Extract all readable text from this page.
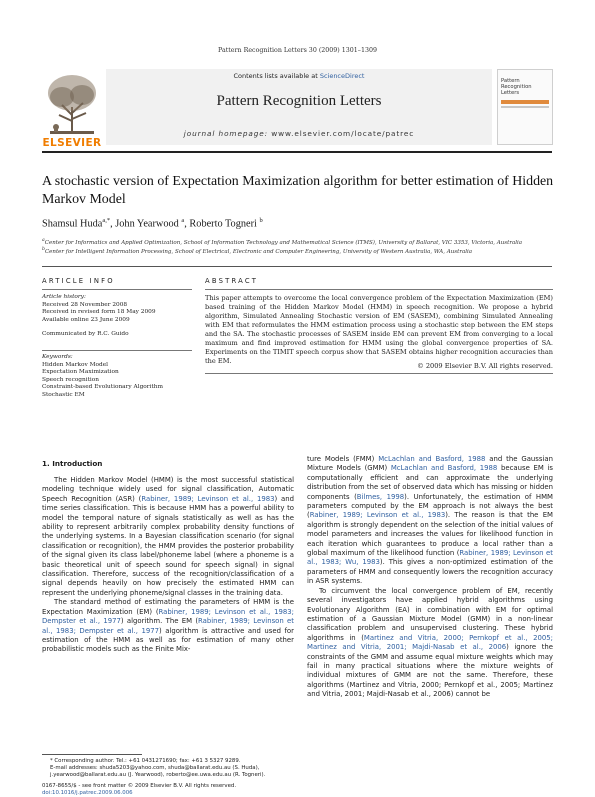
Pattern Recognition Letters 30 (2009) 1301–1309
ELSEVIER
Contents lists available at ScienceDirect
Pattern Recognition Letters
journal homepage: www.elsevier.com/locate/patrec
Pattern Recognition Letters
A stochastic version of Expectation Maximization algorithm for better estimation of Hidden Markov Model
Shamsul Huda$^{a,*}$, John Yearwood $^a$, Roberto Togneri $^b$
$^a$Center for Informatics and Applied Optimization, School of Information Technology and Mathematical Science (ITMS), University of Ballarat, VIC 3353, Victoria, Australia
$^b$Center for Intelligent Information Processing, School of Electrical, Electronic and Computer Engineering, University of Western Australia, WA, Australia
ARTICLE INFO
Article history:
Received 28 November 2008
Received in revised form 18 May 2009
Available online 23 June 2009
Communicated by R.C. Guido
Keywords:
Hidden Markov Model
Expectation Maximization
Speech recognition
Constraint-based Evolutionary Algorithm
Stochastic EM
ABSTRACT
This paper attempts to overcome the local convergence problem of the Expectation Maximization (EM) based training of the Hidden Markov Model (HMM) in speech recognition. We propose a hybrid algorithm, Simulated Annealing Stochastic version of EM (SASEM), combining Simulated Annealing with EM that reformulates the HMM estimation process using a stochastic step between the EM steps and the SA. The stochastic processes of SASEM inside EM can prevent EM from converging to a local maximum and find improved estimation for HMM using the global convergence properties of SA. Experiments on the TIMIT speech corpus show that SASEM obtains higher recognition accuracies than the EM.
© 2009 Elsevier B.V. All rights reserved.
1. Introduction

The Hidden Markov Model (HMM) is the most successful statistical modeling technique widely used for signal classification, Automatic Speech Recognition (ASR) (Rabiner, 1989; Levinson et al., 1983) and time series classification. This is because HMM has a powerful ability to model the temporal nature of signals statistically as well as has the ability to represent arbitrarily complex probability density functions of the underlying systems. In a Bayesian classification scenario (for signal classification or recognition), the HMM provides the posterior probability of the signal given its class label/phoneme label (where a phoneme is a basic theoretical unit of speech sound for speech signal) in signal classification. Therefore, success of the recognition/classification of a signal depends heavily on how precisely the estimated HMM can represent the underlying phoneme/signal classes in the training data.

The standard method of estimating the parameters of HMM is the Expectation Maximization (EM) (Rabiner, 1989; Levinson et al., 1983; Dempster et al., 1977) algorithm. The EM (Rabiner, 1989; Levinson et al., 1983; Dempster et al., 1977) algorithm is attractive and used for estimation of the HMM as well as for estimation of many other probabilistic models such as the Finite Mix-

ture Models (FMM) McLachlan and Basford, 1988 and the Gaussian Mixture Models (GMM) McLachlan and Basford, 1988 because EM is computationally efficient and can approximate the underlying distribution from the set of observed data which has missing or hidden components (Bilmes, 1998). Unfortunately, the estimation of HMM parameters computed by the EM approach is not always the best (Rabiner, 1989; Levinson et al., 1983). The reason is that the EM algorithm is strongly dependent on the selection of the initial values of model parameters and increases the values for likelihood function in each iteration which guarantees to produce a local rather than a global maximum of the likelihood function (Rabiner, 1989; Levinson et al., 1983; Wu, 1983). This gives a non-optimized estimation of the parameters of HMM and consequently lowers the recognition accuracy in ASR systems.

To circumvent the local convergence problem of EM, recently several investigators have applied hybrid algorithms using Evolutionary Algorithm (EA) in combination with EM for optimal estimation of a Gaussian Mixture Model (GMM) in a non-linear classification problem and unsupervised clustering. These hybrid algorithms in (Martinez and Vitria, 2000; Pernkopf et al., 2005; Martinez and Vitria, 2001; Majdi-Nasab et al., 2006) ignore the constraints of the GMM and assume equal mixture weights which may fail in many practical situations where the mixture weights of individual mixtures of GMM are not the same. Therefore, these algorithms (Martinez and Vitria, 2000; Pernkopf et al., 2005; Martinez and Vitria, 2001; Majdi-Nasab et al., 2006) cannot be

* Corresponding author. Tel.: +61 0431271690; fax: +61 3 5327 9289.
E-mail addresses: shuda5203@yahoo.com, shuda@ballarat.edu.au (S. Huda), j.yearwood@ballarat.edu.au (J. Yearwood), roberto@ee.uwa.edu.au (R. Togneri).
0167-8655/$ - see front matter © 2009 Elsevier B.V. All rights reserved.
doi:10.1016/j.patrec.2009.06.006
